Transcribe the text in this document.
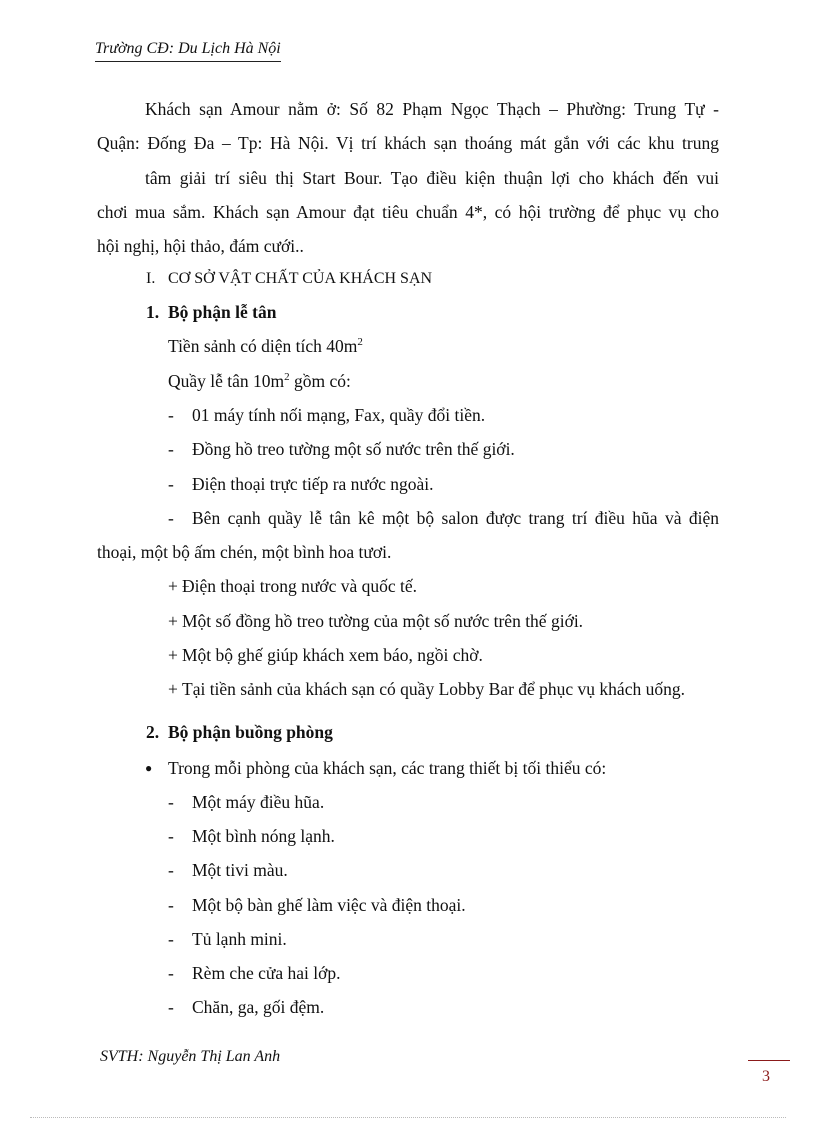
Trường CĐ: Du Lịch Hà Nội
Khách sạn Amour nằm ở: Số 82 Phạm Ngọc Thạch – Phường: Trung Tự -
Quận: Đống Đa – Tp: Hà Nội. Vị trí khách sạn thoáng mát gắn với các khu trung
tâm giải trí siêu thị Start Bour. Tạo điều kiện thuận lợi cho khách đến vui
chơi mua sắm. Khách sạn Amour đạt tiêu chuẩn 4*, có hội trường để phục vụ cho
hội nghị, hội thảo, đám cưới..
I. CƠ SỞ VẬT CHẤT CỦA KHÁCH SẠN
1. Bộ phận lễ tân
Tiền sảnh có diện tích $40m^2$
Quầy lễ tân $10m^2$ gồm có:
- 01 máy tính nối mạng, Fax, quầy đổi tiền.
- Đồng hồ treo tường một số nước trên thế giới.
- Điện thoại trực tiếp ra nước ngoài.
- Bên cạnh quầy lễ tân kê một bộ salon được trang trí điều hũa và điện
thoại, một bộ ấm chén, một bình hoa tươi.
+ Điện thoại trong nước và quốc tế.
+ Một số đồng hồ treo tường của một số nước trên thế giới.
+ Một bộ ghế giúp khách xem báo, ngồi chờ.
+ Tại tiền sảnh của khách sạn có quầy Lobby Bar để phục vụ khách uống.
2. Bộ phận buồng phòng
● Trong mỗi phòng của khách sạn, các trang thiết bị tối thiểu có:
- Một máy điều hũa.
- Một bình nóng lạnh.
- Một tivi màu.
- Một bộ bàn ghế làm việc và điện thoại.
- Tủ lạnh mini.
- Rèm che cửa hai lớp.
- Chăn, ga, gối đệm.
SVTH: Nguyễn Thị Lan Anh
3
